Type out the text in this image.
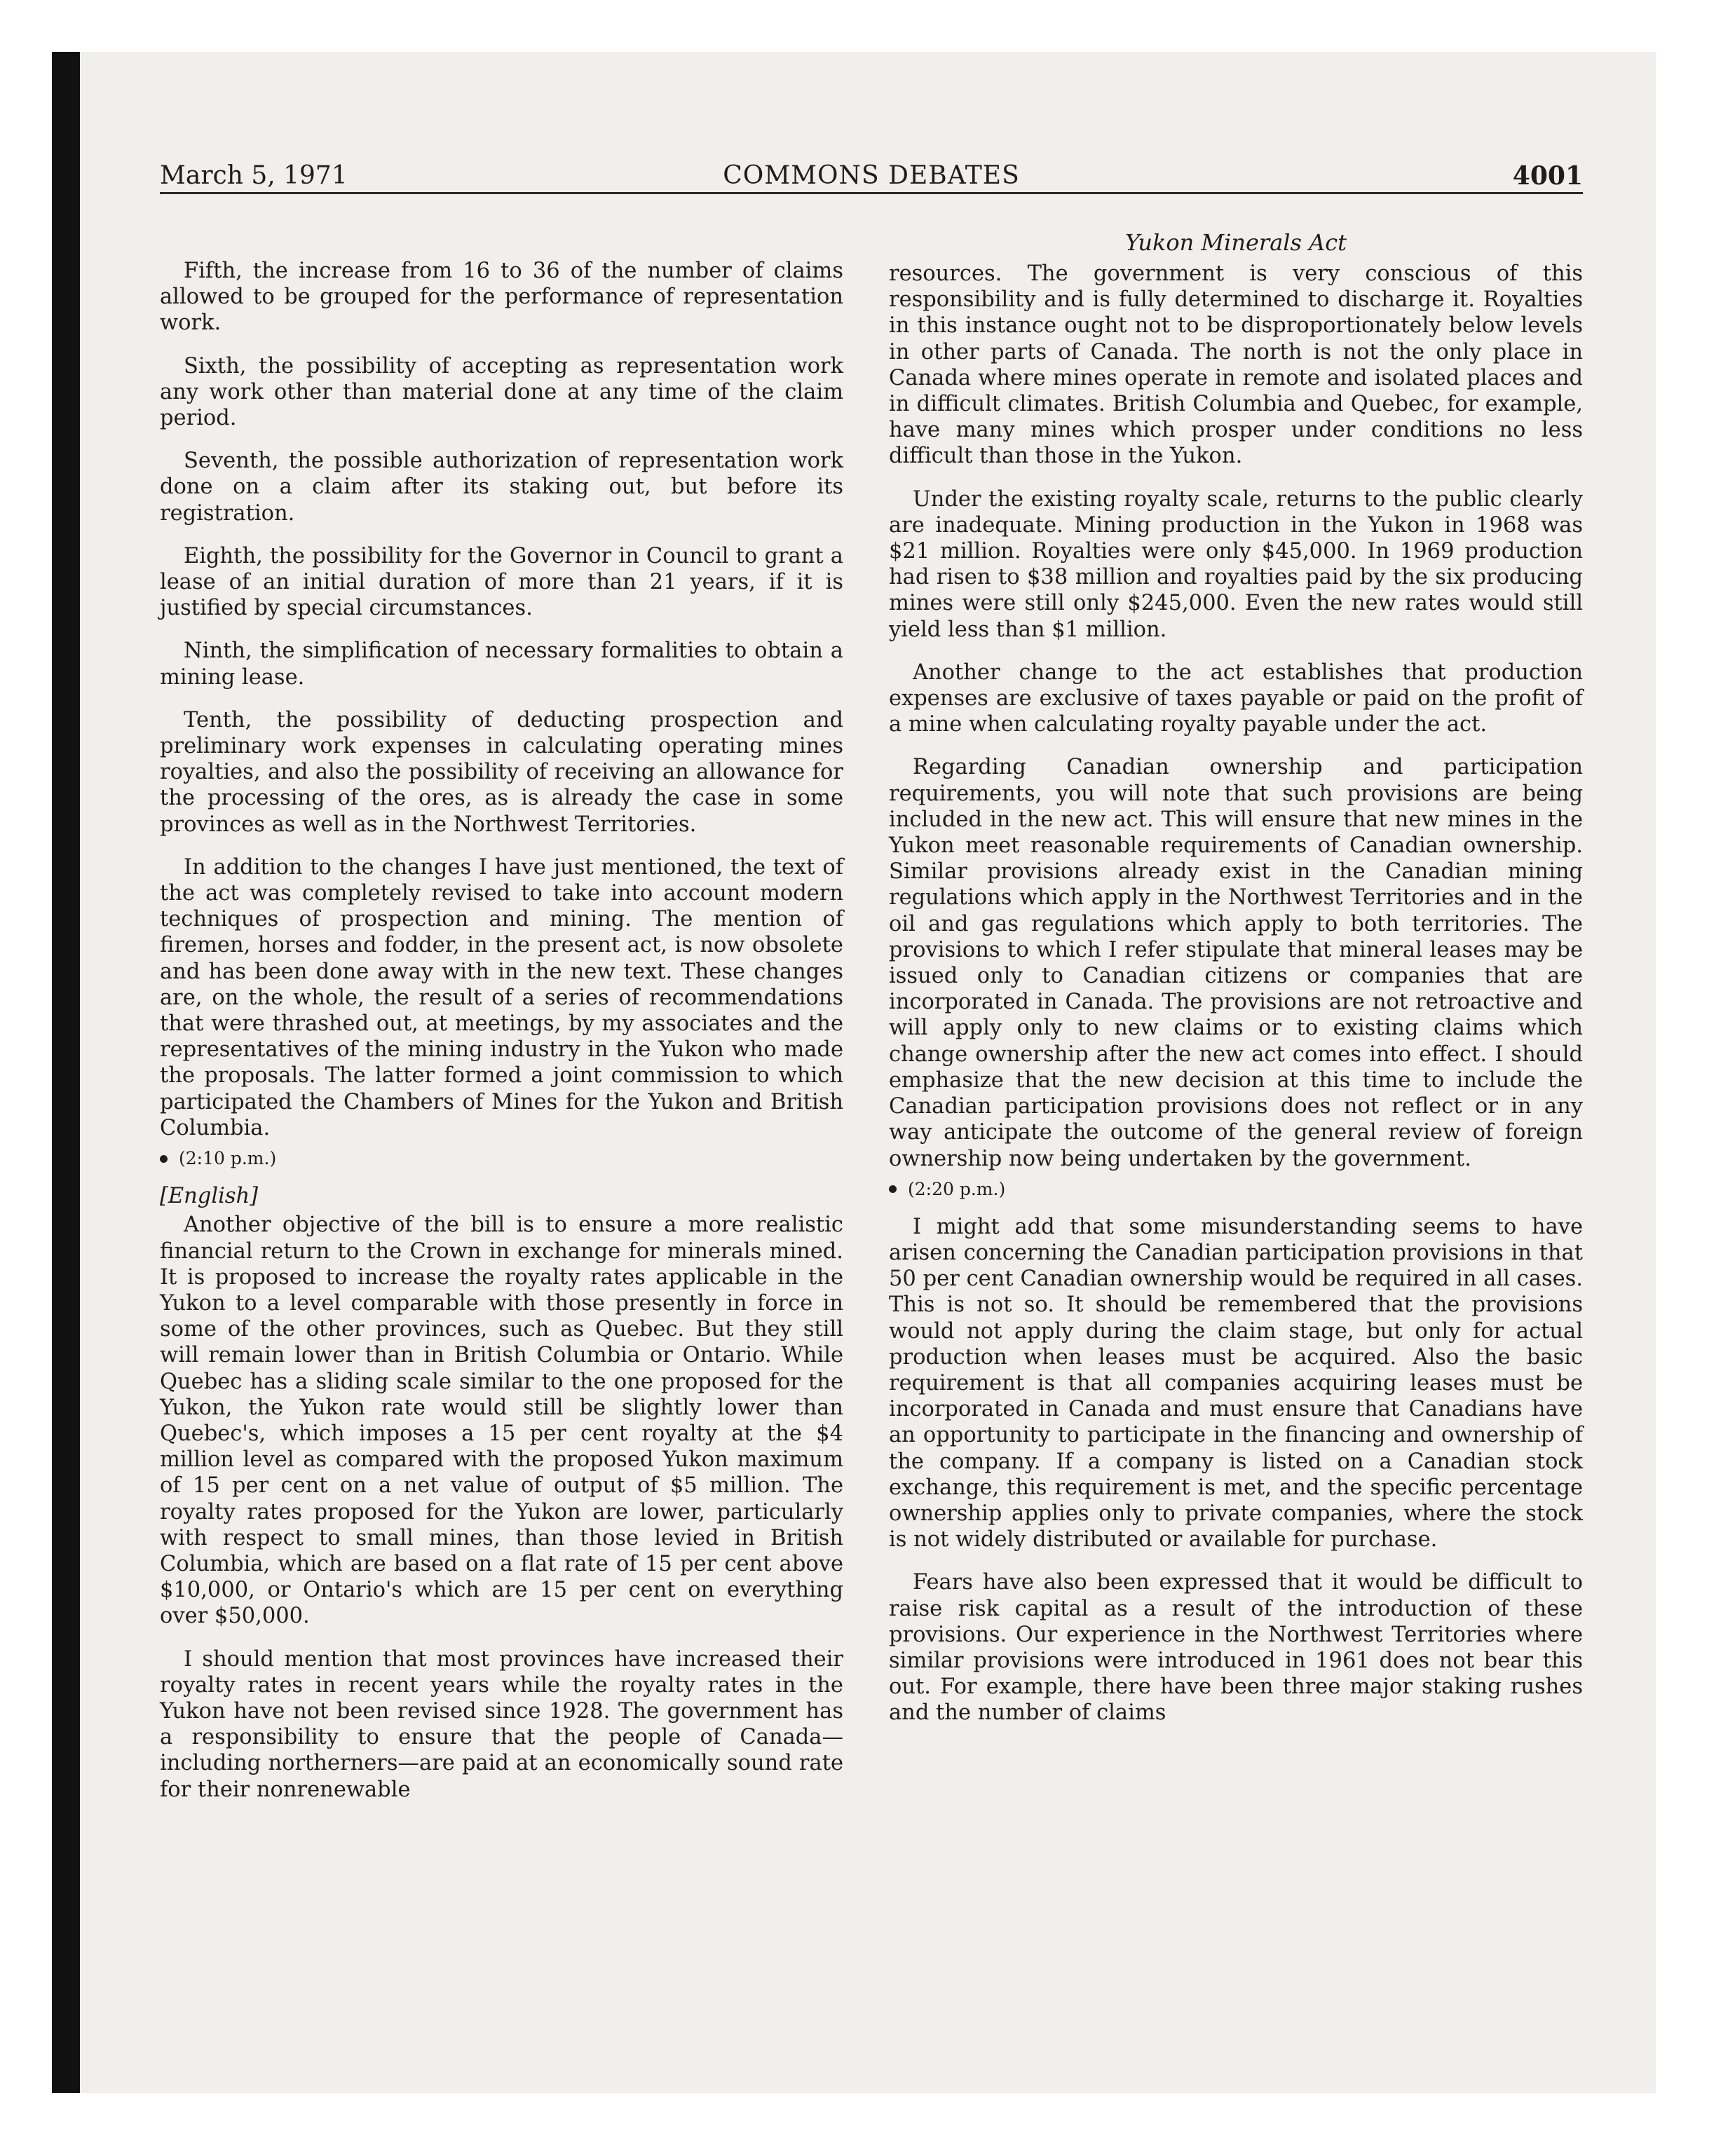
March 5, 1971	COMMONS DEBATES	4001

Fifth, the increase from 16 to 36 of the number of claims allowed to be grouped for the performance of representation work.

Sixth, the possibility of accepting as representation work any work other than material done at any time of the claim period.

Seventh, the possible authorization of representation work done on a claim after its staking out, but before its registration.

Eighth, the possibility for the Governor in Council to grant a lease of an initial duration of more than 21 years, if it is justified by special circumstances.

Ninth, the simplification of necessary formalities to obtain a mining lease.

Tenth, the possibility of deducting prospection and preliminary work expenses in calculating operating mines royalties, and also the possibility of receiving an allowance for the processing of the ores, as is already the case in some provinces as well as in the Northwest Territories.

In addition to the changes I have just mentioned, the text of the act was completely revised to take into account modern techniques of prospection and mining. The mention of firemen, horses and fodder, in the present act, is now obsolete and has been done away with in the new text. These changes are, on the whole, the result of a series of recommendations that were thrashed out, at meetings, by my associates and the representatives of the mining industry in the Yukon who made the proposals. The latter formed a joint commission to which participated the Chambers of Mines for the Yukon and British Columbia.

(2:10 p.m.)
[English]

Another objective of the bill is to ensure a more realistic financial return to the Crown in exchange for minerals mined. It is proposed to increase the royalty rates applicable in the Yukon to a level comparable with those presently in force in some of the other provinces, such as Quebec. But they still will remain lower than in British Columbia or Ontario. While Quebec has a sliding scale similar to the one proposed for the Yukon, the Yukon rate would still be slightly lower than Quebec's, which imposes a 15 per cent royalty at the $4 million level as compared with the proposed Yukon maximum of 15 per cent on a net value of output of $5 million. The royalty rates proposed for the Yukon are lower, particularly with respect to small mines, than those levied in British Columbia, which are based on a flat rate of 15 per cent above $10,000, or Ontario's which are 15 per cent on everything over $50,000.

I should mention that most provinces have increased their royalty rates in recent years while the royalty rates in the Yukon have not been revised since 1928. The government has a responsibility to ensure that the people of Canada—including northerners—are paid at an economically sound rate for their nonrenewable

Yukon Minerals Act

resources. The government is very conscious of this responsibility and is fully determined to discharge it. Royalties in this instance ought not to be disproportionately below levels in other parts of Canada. The north is not the only place in Canada where mines operate in remote and isolated places and in difficult climates. British Columbia and Quebec, for example, have many mines which prosper under conditions no less difficult than those in the Yukon.

Under the existing royalty scale, returns to the public clearly are inadequate. Mining production in the Yukon in 1968 was $21 million. Royalties were only $45,000. In 1969 production had risen to $38 million and royalties paid by the six producing mines were still only $245,000. Even the new rates would still yield less than $1 million.

Another change to the act establishes that production expenses are exclusive of taxes payable or paid on the profit of a mine when calculating royalty payable under the act.

Regarding Canadian ownership and participation requirements, you will note that such provisions are being included in the new act. This will ensure that new mines in the Yukon meet reasonable requirements of Canadian ownership. Similar provisions already exist in the Canadian mining regulations which apply in the Northwest Territories and in the oil and gas regulations which apply to both territories. The provisions to which I refer stipulate that mineral leases may be issued only to Canadian citizens or companies that are incorporated in Canada. The provisions are not retroactive and will apply only to new claims or to existing claims which change ownership after the new act comes into effect. I should emphasize that the new decision at this time to include the Canadian participation provisions does not reflect or in any way anticipate the outcome of the general review of foreign ownership now being undertaken by the government.

(2:20 p.m.)

I might add that some misunderstanding seems to have arisen concerning the Canadian participation provisions in that 50 per cent Canadian ownership would be required in all cases. This is not so. It should be remembered that the provisions would not apply during the claim stage, but only for actual production when leases must be acquired. Also the basic requirement is that all companies acquiring leases must be incorporated in Canada and must ensure that Canadians have an opportunity to participate in the financing and ownership of the company. If a company is listed on a Canadian stock exchange, this requirement is met, and the specific percentage ownership applies only to private companies, where the stock is not widely distributed or available for purchase.

Fears have also been expressed that it would be difficult to raise risk capital as a result of the introduction of these provisions. Our experience in the Northwest Territories where similar provisions were introduced in 1961 does not bear this out. For example, there have been three major staking rushes and the number of claims
